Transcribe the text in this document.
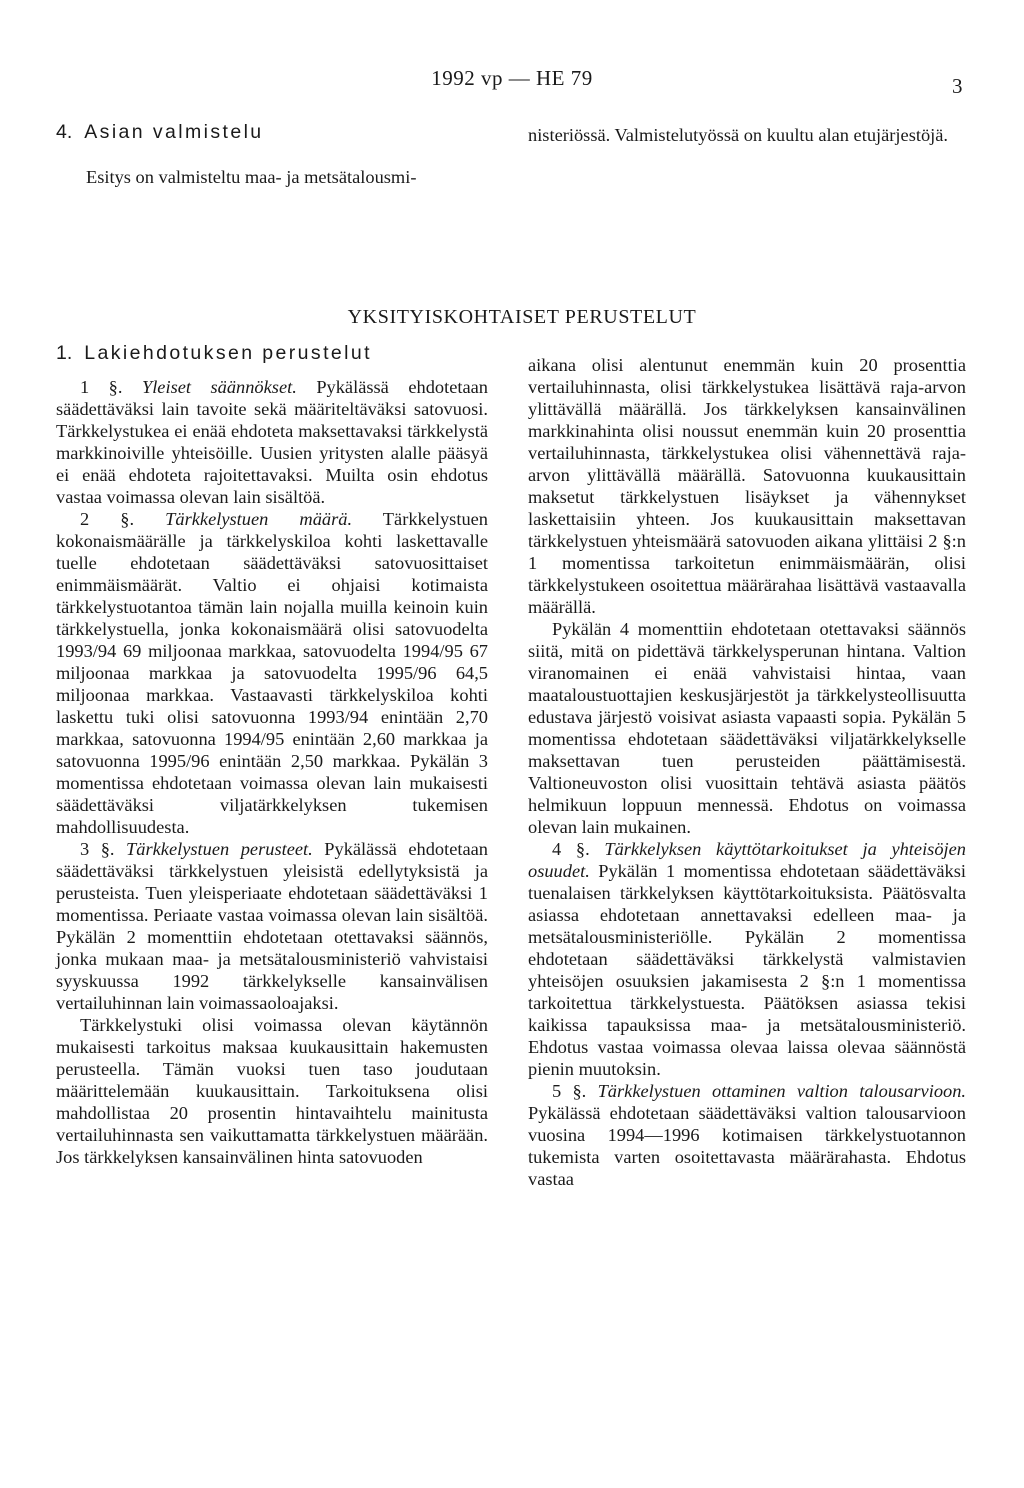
1992 vp — HE 79	3
4. Asian valmistelu

Esitys on valmisteltu maa- ja metsätalousmi-

nisteriössä. Valmistelutyössä on kuultu alan etujärjestöjä.

YKSITYISKOHTAISET PERUSTELUT
1. Lakiehdotuksen perustelut

1 §. Yleiset säännökset. Pykälässä ehdotetaan säädettäväksi lain tavoite sekä määriteltäväksi satovuosi. Tärkkelystukea ei enää ehdoteta maksettavaksi tärkkelystä markkinoiville yhteisöille. Uusien yritysten alalle pääsyä ei enää ehdoteta rajoitettavaksi. Muilta osin ehdotus vastaa voimassa olevan lain sisältöä.

2 §. Tärkkelystuen määrä. Tärkkelystuen kokonaismäärälle ja tärkkelyskiloa kohti laskettavalle tuelle ehdotetaan säädettäväksi satovuosittaiset enimmäismäärät. Valtio ei ohjaisi kotimaista tärkkelystuotantoa tämän lain nojalla muilla keinoin kuin tärkkelystuella, jonka kokonaismäärä olisi satovuodelta 1993/94 69 miljoonaa markkaa, satovuodelta 1994/95 67 miljoonaa markkaa ja satovuodelta 1995/96 64,5 miljoonaa markkaa. Vastaavasti tärkkelyskiloa kohti laskettu tuki olisi satovuonna 1993/94 enintään 2,70 markkaa, satovuonna 1994/95 enintään 2,60 markkaa ja satovuonna 1995/96 enintään 2,50 markkaa. Pykälän 3 momentissa ehdotetaan voimassa olevan lain mukaisesti säädettäväksi viljatärkkelyksen tukemisen mahdollisuudesta.

3 §. Tärkkelystuen perusteet. Pykälässä ehdotetaan säädettäväksi tärkkelystuen yleisistä edellytyksistä ja perusteista. Tuen yleisperiaate ehdotetaan säädettäväksi 1 momentissa. Periaate vastaa voimassa olevan lain sisältöä. Pykälän 2 momenttiin ehdotetaan otettavaksi säännös, jonka mukaan maa- ja metsätalousministeriö vahvistaisi syyskuussa 1992 tärkkelykselle kansainvälisen vertailuhinnan lain voimassaoloajaksi.

Tärkkelystuki olisi voimassa olevan käytännön mukaisesti tarkoitus maksaa kuukausittain hakemusten perusteella. Tämän vuoksi tuen taso joudutaan määrittelemään kuukausittain. Tarkoituksena olisi mahdollistaa 20 prosentin hintavaihtelu mainitusta vertailuhinnasta sen vaikuttamatta tärkkelystuen määrään. Jos tärkkelyksen kansainvälinen hinta satovuoden

aikana olisi alentunut enemmän kuin 20 prosenttia vertailuhinnasta, olisi tärkkelystukea lisättävä raja-arvon ylittävällä määrällä. Jos tärkkelyksen kansainvälinen markkinahinta olisi noussut enemmän kuin 20 prosenttia vertailuhinnasta, tärkkelystukea olisi vähennettävä raja-arvon ylittävällä määrällä. Satovuonna kuukausittain maksetut tärkkelystuen lisäykset ja vähennykset laskettaisiin yhteen. Jos kuukausittain maksettavan tärkkelystuen yhteismäärä satovuoden aikana ylittäisi 2 §:n 1 momentissa tarkoitetun enimmäismäärän, olisi tärkkelystukeen osoitettua määrärahaa lisättävä vastaavalla määrällä.

Pykälän 4 momenttiin ehdotetaan otettavaksi säännös siitä, mitä on pidettävä tärkkelysperunan hintana. Valtion viranomainen ei enää vahvistaisi hintaa, vaan maataloustuottajien keskusjärjestöt ja tärkkelysteollisuutta edustava järjestö voisivat asiasta vapaasti sopia. Pykälän 5 momentissa ehdotetaan säädettäväksi viljatärkkelykselle maksettavan tuen perusteiden päättämisestä. Valtioneuvoston olisi vuosittain tehtävä asiasta päätös helmikuun loppuun mennessä. Ehdotus on voimassa olevan lain mukainen.

4 §. Tärkkelyksen käyttötarkoitukset ja yhteisöjen osuudet. Pykälän 1 momentissa ehdotetaan säädettäväksi tuenalaisen tärkkelyksen käyttötarkoituksista. Päätösvalta asiassa ehdotetaan annettavaksi edelleen maa- ja metsätalousministeriölle. Pykälän 2 momentissa ehdotetaan säädettäväksi tärkkelystä valmistavien yhteisöjen osuuksien jakamisesta 2 §:n 1 momentissa tarkoitettua tärkkelystuesta. Päätöksen asiassa tekisi kaikissa tapauksissa maa- ja metsätalousministeriö. Ehdotus vastaa voimassa olevaa laissa olevaa säännöstä pienin muutoksin.

5 §. Tärkkelystuen ottaminen valtion talousarvioon. Pykälässä ehdotetaan säädettäväksi valtion talousarvioon vuosina 1994—1996 kotimaisen tärkkelystuotannon tukemista varten osoitettavasta määrärahasta. Ehdotus vastaa
